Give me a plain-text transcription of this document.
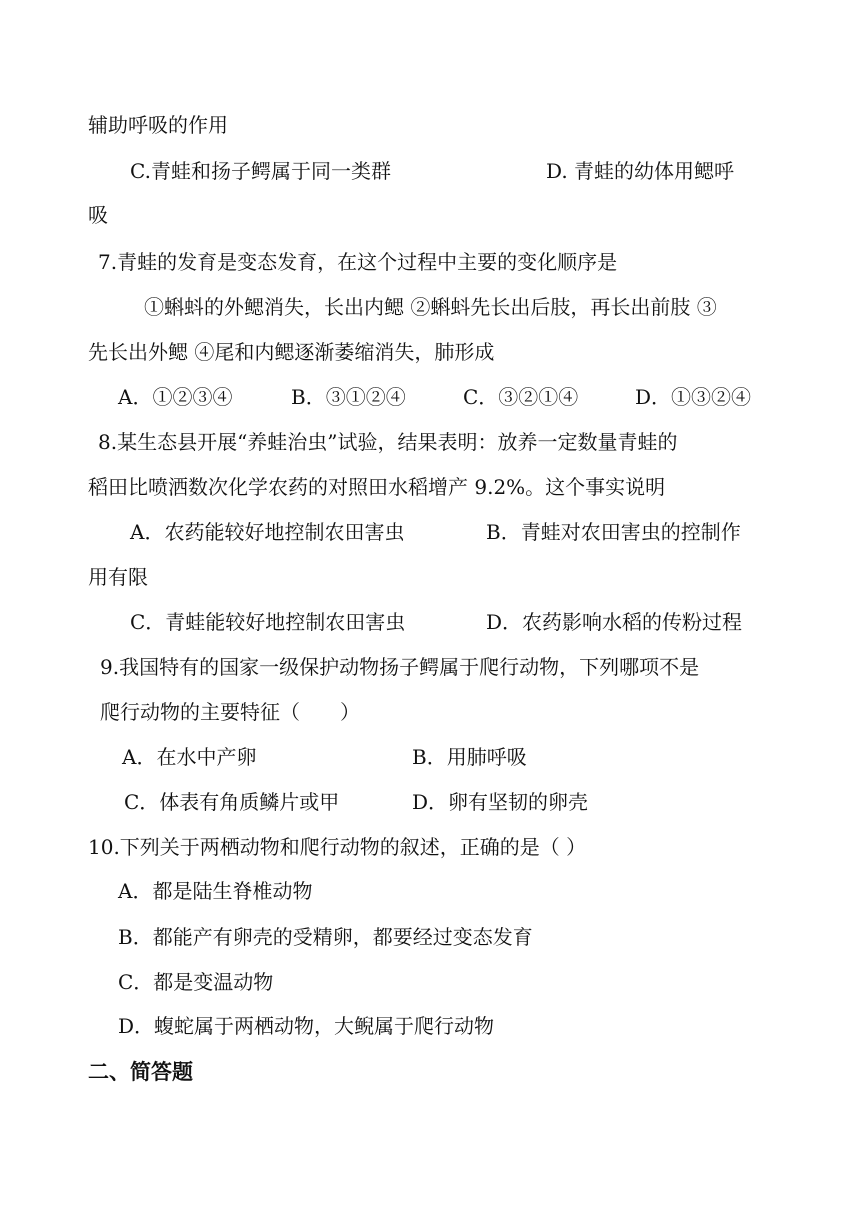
辅助呼吸的作用
C.青蛙和扬子鳄属于同一类群	D. 青蛙的幼体用鳃呼
吸
7.青蛙的发育是变态发育，在这个过程中主要的变化顺序是
①蝌蚪的外鳃消失，长出内鳃 ②蝌蚪先长出后肢，再长出前肢 ③
先长出外鳃 ④尾和内鳃逐渐萎缩消失，肺形成
A．①②③④	B．③①②④	C．③②①④	D．①③②④
8.某生态县开展“养蛙治虫”试验，结果表明：放养一定数量青蛙的
稻田比喷洒数次化学农药的对照田水稻增产 9.2%。这个事实说明
A．农药能较好地控制农田害虫	B．青蛙对农田害虫的控制作
用有限
C．青蛙能较好地控制农田害虫	D．农药影响水稻的传粉过程
9.我国特有的国家一级保护动物扬子鳄属于爬行动物，下列哪项不是
爬行动物的主要特征（　　）
A．在水中产卵	B．用肺呼吸
C．体表有角质鳞片或甲	D．卵有坚韧的卵壳
10.下列关于两栖动物和爬行动物的叙述，正确的是（ ）
A．都是陆生脊椎动物
B．都能产有卵壳的受精卵，都要经过变态发育
C．都是变温动物
D．蝮蛇属于两栖动物，大鲵属于爬行动物
二、简答题
